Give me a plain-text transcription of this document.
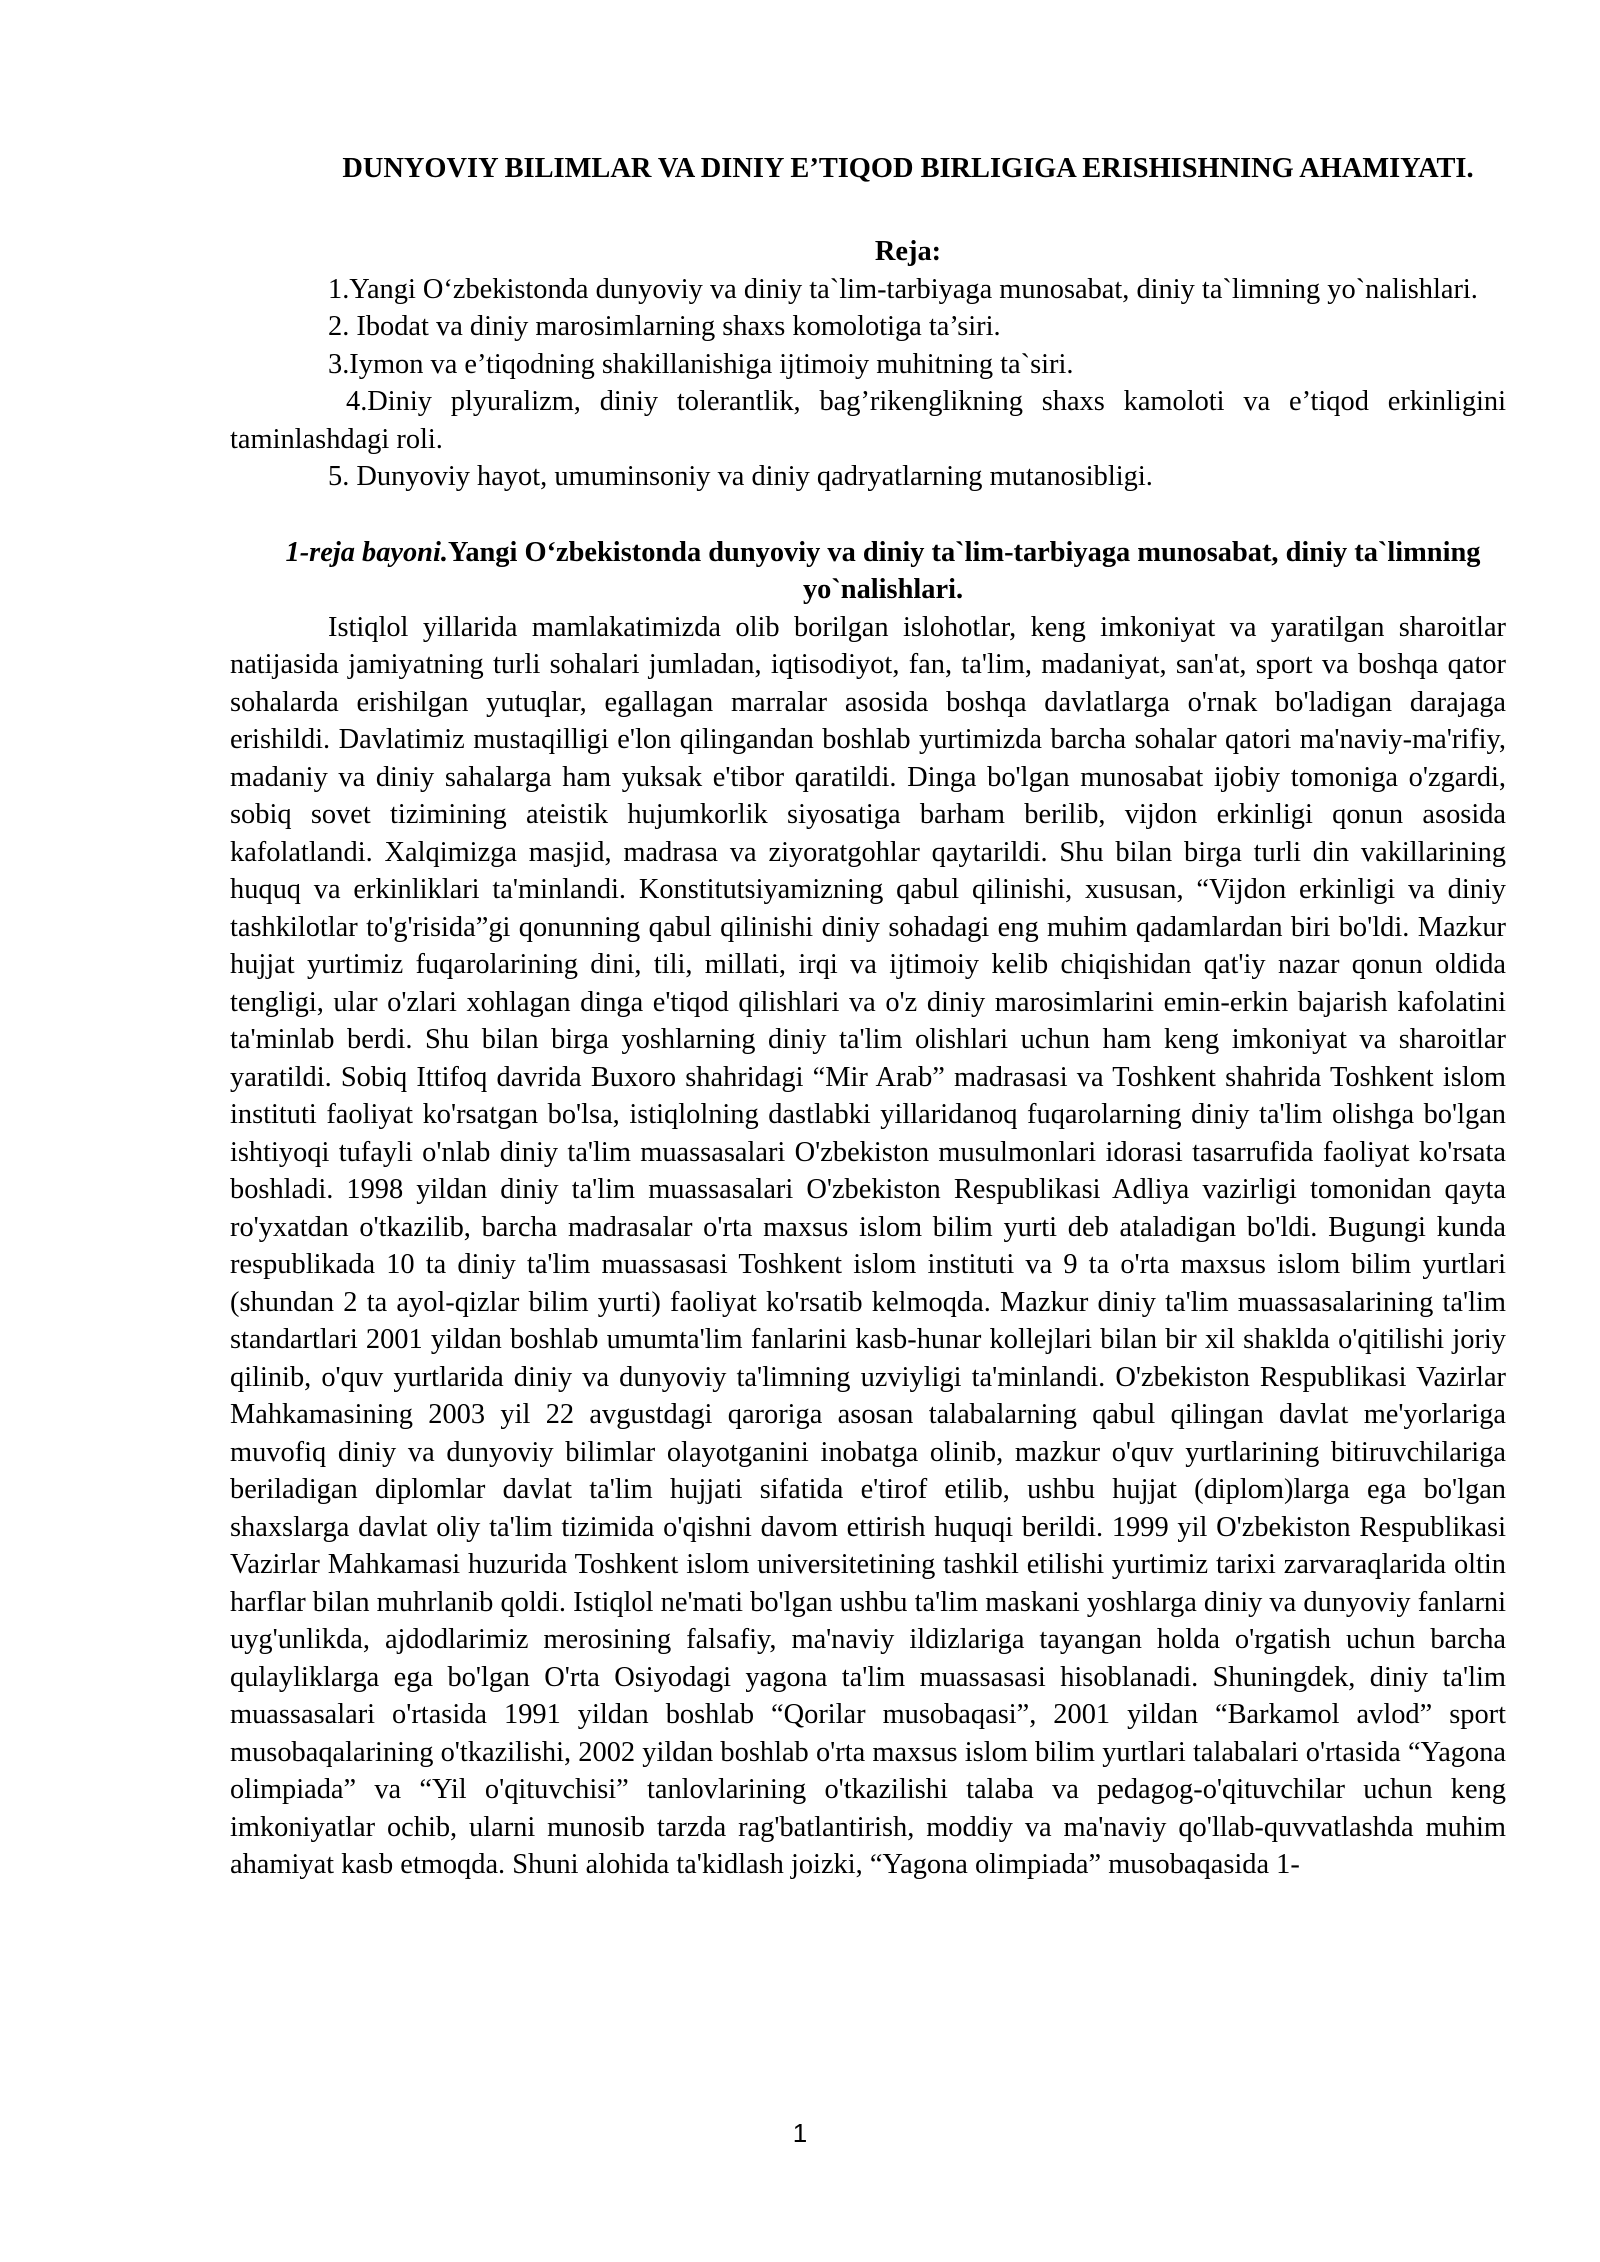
DUNYOVIY BILIMLAR VA DINIY E’TIQOD BIRLIGIGA ERISHISHNING AHAMIYATI.
Reja:

1.Yangi O‘zbekistonda dunyoviy va diniy ta`lim-tarbiyaga munosabat, diniy ta`limning yo`nalishlari.

2. Ibodat va diniy marosimlarning shaxs komolotiga ta’siri.

3.Iymon va e’tiqodning shakillanishiga ijtimoiy muhitning ta`siri.

4.Diniy plyuralizm, diniy tolerantlik, bag’rikenglikning shaxs kamoloti va e’tiqod erkinligini taminlashdagi roli.

5. Dunyoviy hayot, umuminsoniy va diniy qadryatlarning mutanosibligi.

1-reja bayoni.Yangi O‘zbekistonda dunyoviy va diniy ta`lim-tarbiyaga munosabat, diniy ta`limning yo`nalishlari.

Istiqlol yillarida mamlakatimizda olib borilgan islohotlar, keng imkoniyat va yaratilgan sharoitlar natijasida jamiyatning turli sohalari jumladan, iqtisodiyot, fan, ta'lim, madaniyat, san'at, sport va boshqa qator sohalarda erishilgan yutuqlar, egallagan marralar asosida boshqa davlatlarga o'rnak bo'ladigan darajaga erishildi. Davlatimiz mustaqilligi e'lon qilingandan boshlab yurtimizda barcha sohalar qatori ma'naviy-ma'rifiy, madaniy va diniy sahalarga ham yuksak e'tibor qaratildi. Dinga bo'lgan munosabat ijobiy tomoniga o'zgardi, sobiq sovet tizimining ateistik hujumkorlik siyosatiga barham berilib, vijdon erkinligi qonun asosida kafolatlandi. Xalqimizga masjid, madrasa va ziyoratgohlar qaytarildi. Shu bilan birga turli din vakillarining huquq va erkinliklari ta'minlandi. Konstitutsiyamizning qabul qilinishi, xususan, “Vijdon erkinligi va diniy tashkilotlar to'g'risida”gi qonunning qabul qilinishi diniy sohadagi eng muhim qadamlardan biri bo'ldi. Mazkur hujjat yurtimiz fuqarolarining dini, tili, millati, irqi va ijtimoiy kelib chiqishidan qat'iy nazar qonun oldida tengligi, ular o'zlari xohlagan dinga e'tiqod qilishlari va o'z diniy marosimlarini emin-erkin bajarish kafolatini ta'minlab berdi. Shu bilan birga yoshlarning diniy ta'lim olishlari uchun ham keng imkoniyat va sharoitlar yaratildi. Sobiq Ittifoq davrida Buxoro shahridagi “Mir Arab” madrasasi va Toshkent shahrida Toshkent islom instituti faoliyat ko'rsatgan bo'lsa, istiqlolning dastlabki yillaridanoq fuqarolarning diniy ta'lim olishga bo'lgan ishtiyoqi tufayli o'nlab diniy ta'lim muassasalari O'zbekiston musulmonlari idorasi tasarrufida faoliyat ko'rsata boshladi. 1998 yildan diniy ta'lim muassasalari O'zbekiston Respublikasi Adliya vazirligi tomonidan qayta ro'yxatdan o'tkazilib, barcha madrasalar o'rta maxsus islom bilim yurti deb ataladigan bo'ldi. Bugungi kunda respublikada 10 ta diniy ta'lim muassasasi Toshkent islom instituti va 9 ta o'rta maxsus islom bilim yurtlari (shundan 2 ta ayol-qizlar bilim yurti) faoliyat ko'rsatib kelmoqda. Mazkur diniy ta'lim muassasalarining ta'lim standartlari 2001 yildan boshlab umumta'lim fanlarini kasb-hunar kollejlari bilan bir xil shaklda o'qitilishi joriy qilinib, o'quv yurtlarida diniy va dunyoviy ta'limning uzviyligi ta'minlandi. O'zbekiston Respublikasi Vazirlar Mahkamasining 2003 yil 22 avgustdagi qaroriga asosan talabalarning qabul qilingan davlat me'yorlariga muvofiq diniy va dunyoviy bilimlar olayotganini inobatga olinib, mazkur o'quv yurtlarining bitiruvchilariga beriladigan diplomlar davlat ta'lim hujjati sifatida e'tirof etilib, ushbu hujjat (diplom)larga ega bo'lgan shaxslarga davlat oliy ta'lim tizimida o'qishni davom ettirish huquqi berildi. 1999 yil O'zbekiston Respublikasi Vazirlar Mahkamasi huzurida Toshkent islom universitetining tashkil etilishi yurtimiz tarixi zarvaraqlarida oltin harflar bilan muhrlanib qoldi. Istiqlol ne'mati bo'lgan ushbu ta'lim maskani yoshlarga diniy va dunyoviy fanlarni uyg'unlikda, ajdodlarimiz merosining falsafiy, ma'naviy ildizlariga tayangan holda o'rgatish uchun barcha qulayliklarga ega bo'lgan O'rta Osiyodagi yagona ta'lim muassasasi hisoblanadi. Shuningdek, diniy ta'lim muassasalari o'rtasida 1991 yildan boshlab “Qorilar musobaqasi”, 2001 yildan “Barkamol avlod” sport musobaqalarining o'tkazilishi, 2002 yildan boshlab o'rta maxsus islom bilim yurtlari talabalari o'rtasida “Yagona olimpiada” va “Yil o'qituvchisi” tanlovlarining o'tkazilishi talaba va pedagog-o'qituvchilar uchun keng imkoniyatlar ochib, ularni munosib tarzda rag'batlantirish, moddiy va ma'naviy qo'llab-quvvatlashda muhim ahamiyat kasb etmoqda. Shuni alohida ta'kidlash joizki, “Yagona olimpiada” musobaqasida 1-

1
